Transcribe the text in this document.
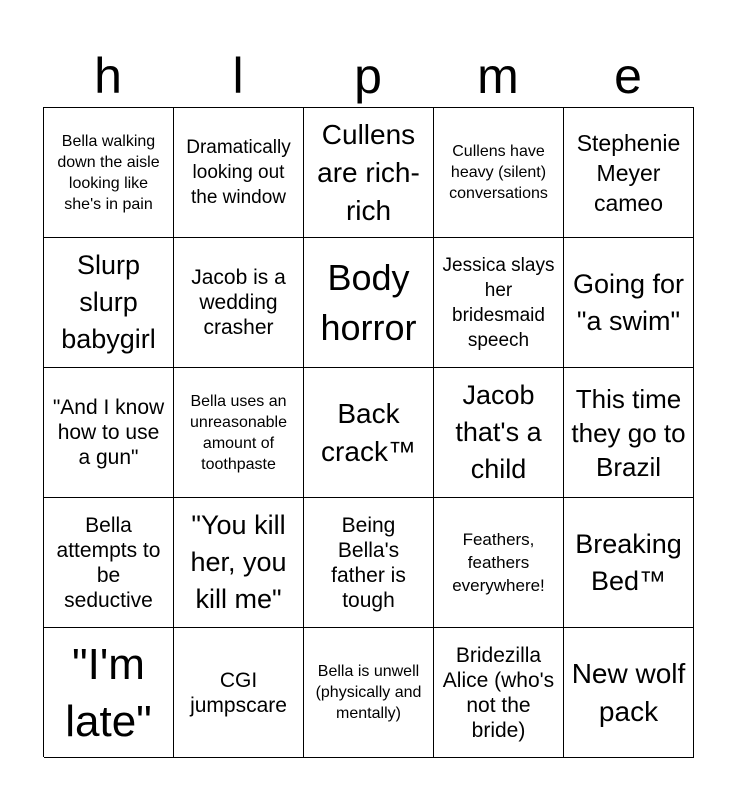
h	l	p	m	e
Bella walking down the aisle looking like she's in pain
Dramatically looking out the window
Cullens are rich-rich
Cullens have heavy (silent) conversations
Stephenie Meyer cameo
Slurp slurp babygirl
Jacob is a wedding crasher
Body horror
Jessica slays her bridesmaid speech
Going for "a swim"
"And I know how to use a gun"
Bella uses an unreasonable amount of toothpaste
Back crack™
Jacob that's a child
This time they go to Brazil
Bella attempts to be seductive
"You kill her, you kill me"
Being Bella's father is tough
Feathers, feathers everywhere!
Breaking Bed™
"I'm late"
CGI jumpscare
Bella is unwell (physically and mentally)
Bridezilla Alice (who's not the bride)
New wolf pack
